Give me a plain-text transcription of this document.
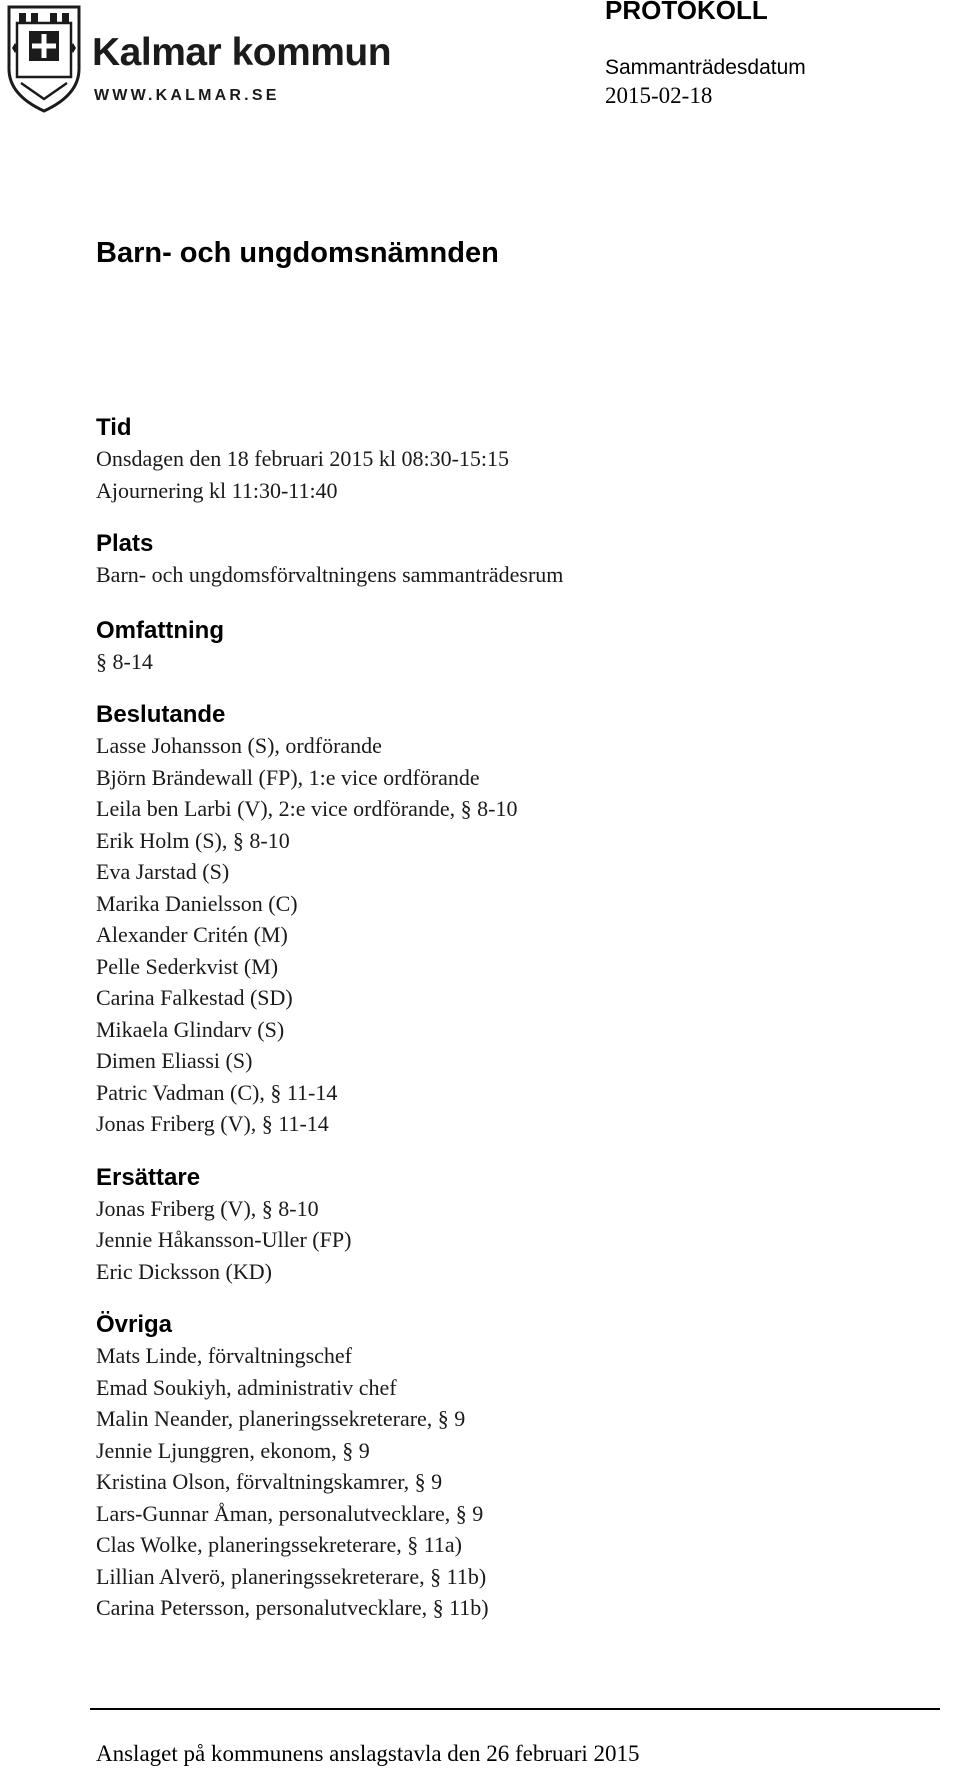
Kalmar kommun
WWW.KALMAR.SE
PROTOKOLL
Sammanträdesdatum
2015-02-18
Barn- och ungdomsnämnden
Tid
Onsdagen den 18 februari 2015 kl 08:30-15:15
Ajournering kl 11:30-11:40
Plats
Barn- och ungdomsförvaltningens sammanträdesrum
Omfattning
§ 8-14
Beslutande
Lasse Johansson (S), ordförande
Björn Brändewall (FP), 1:e vice ordförande
Leila ben Larbi (V), 2:e vice ordförande, § 8-10
Erik Holm (S), § 8-10
Eva Jarstad (S)
Marika Danielsson (C)
Alexander Critén (M)
Pelle Sederkvist (M)
Carina Falkestad (SD)
Mikaela Glindarv (S)
Dimen Eliassi (S)
Patric Vadman (C), § 11-14
Jonas Friberg (V), § 11-14
Ersättare
Jonas Friberg (V), § 8-10
Jennie Håkansson-Uller (FP)
Eric Dicksson (KD)
Övriga
Mats Linde, förvaltningschef
Emad Soukiyh, administrativ chef
Malin Neander, planeringssekreterare, § 9
Jennie Ljunggren, ekonom, § 9
Kristina Olson, förvaltningskamrer, § 9
Lars-Gunnar Åman, personalutvecklare, § 9
Clas Wolke, planeringssekreterare, § 11a)
Lillian Alverö, planeringssekreterare, § 11b)
Carina Petersson, personalutvecklare, § 11b)
Anslaget på kommunens anslagstavla den 26 februari 2015
